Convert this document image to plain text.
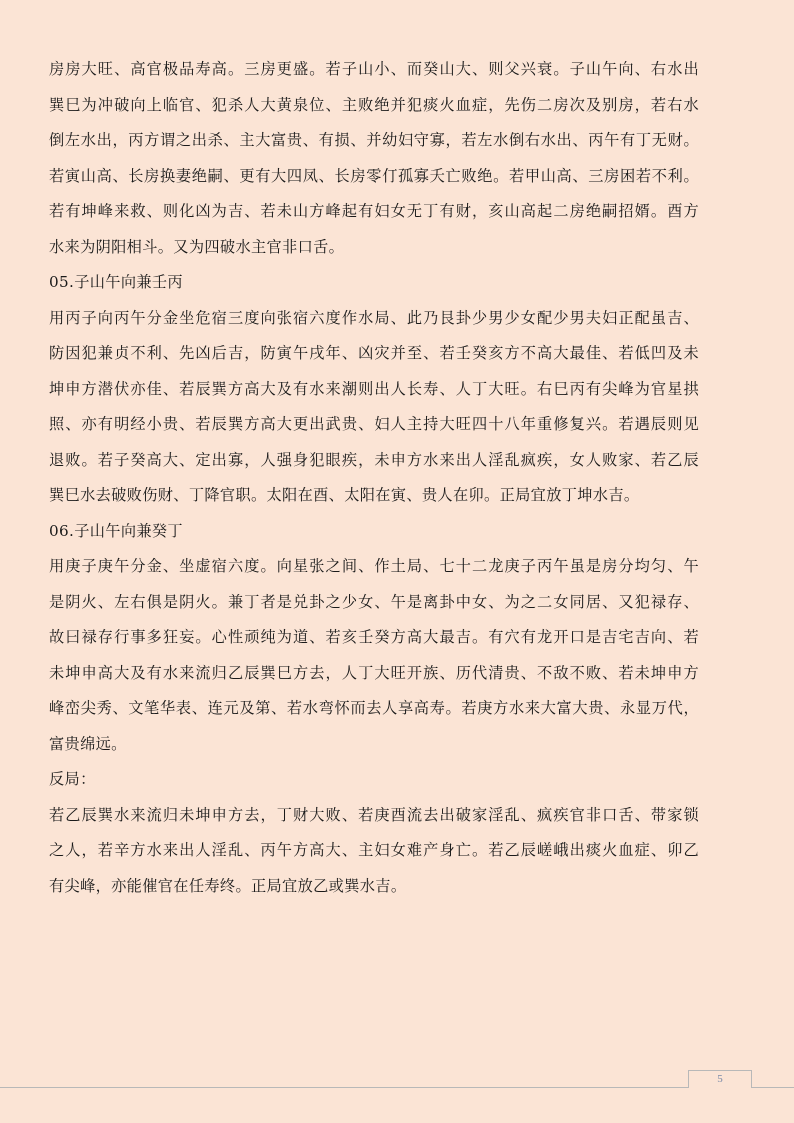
房房大旺、高官极品寿高。三房更盛。若子山小、而癸山大、则父兴衰。子山午向、右水出
巽巳为冲破向上临官、犯杀人大黄泉位、主败绝并犯痰火血症，先伤二房次及别房，若右水
倒左水出，丙方谓之出杀、主大富贵、有损、并幼妇守寡，若左水倒右水出、丙午有丁无财。
若寅山高、长房换妻绝嗣、更有大四凤、长房零仃孤寡夭亡败绝。若甲山高、三房困若不利。
若有坤峰来救、则化凶为吉、若未山方峰起有妇女无丁有财，亥山高起二房绝嗣招婿。酉方
水来为阴阳相斗。又为四破水主官非口舌。
05.子山午向兼壬丙
用丙子向丙午分金坐危宿三度向张宿六度作水局、此乃艮卦少男少女配少男夫妇正配虽吉、
防因犯兼贞不利、先凶后吉，防寅午戌年、凶灾并至、若壬癸亥方不高大最佳、若低凹及未
坤申方潜伏亦佳、若辰巽方高大及有水来潮则出人长寿、人丁大旺。右巳丙有尖峰为官星拱
照、亦有明经小贵、若辰巽方高大更出武贵、妇人主持大旺四十八年重修复兴。若遇辰则见
退败。若子癸高大、定出寡，人强身犯眼疾，未申方水来出人淫乱疯疾，女人败家、若乙辰
巽巳水去破败伤财、丁降官职。太阳在酉、太阳在寅、贵人在卯。正局宜放丁坤水吉。
06.子山午向兼癸丁
用庚子庚午分金、坐虚宿六度。向星张之间、作土局、七十二龙庚子丙午虽是房分均匀、午
是阴火、左右俱是阴火。兼丁者是兑卦之少女、午是离卦中女、为之二女同居、又犯禄存、
故曰禄存行事多狂妄。心性顽纯为道、若亥壬癸方高大最吉。有穴有龙开口是吉宅吉向、若
未坤申高大及有水来流归乙辰巽巳方去，人丁大旺开族、历代清贵、不敌不败、若未坤申方
峰峦尖秀、文笔华表、连元及第、若水弯怀而去人享高寿。若庚方水来大富大贵、永显万代，
富贵绵远。
反局：
若乙辰巽水来流归未坤申方去，丁财大败、若庚酉流去出破家淫乱、疯疾官非口舌、带家锁
之人，若辛方水来出人淫乱、丙午方高大、主妇女难产身亡。若乙辰嵯峨出痰火血症、卯乙
有尖峰，亦能催官在任寿终。正局宜放乙或巽水吉。
5
